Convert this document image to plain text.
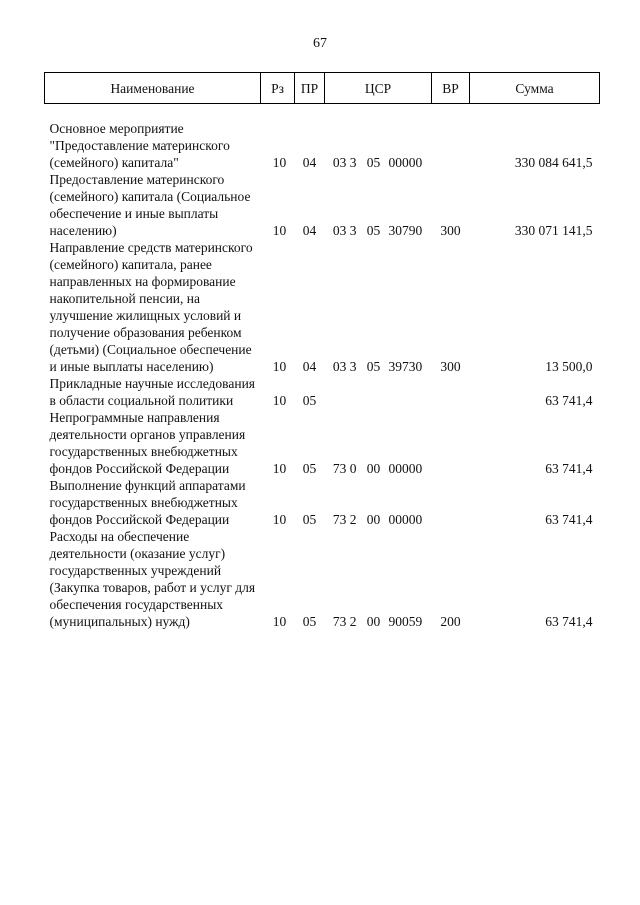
67
Наименование	Рз	ПР	ЦСР			ВР	Сумма
Основное мероприятие "Предоставление материнского (семейного) капитала"	10	04	03 3	05	00000		330 084 641,5
Предоставление материнского (семейного) капитала (Социальное обеспечение и иные выплаты населению)	10	04	03 3	05	30790	300	330 071 141,5
Направление средств материнского (семейного) капитала, ранее направленных на формирование накопительной пенсии, на улучшение жилищных условий и получение образования ребенком (детьми) (Социальное обеспечение и иные выплаты населению)	10	04	03 3	05	39730	300	13 500,0
Прикладные научные исследования в области социальной политики	10	05					63 741,4
Непрограммные направления деятельности органов управления государственных внебюджетных фондов Российской Федерации	10	05	73 0	00	00000		63 741,4
Выполнение функций аппаратами государственных внебюджетных фондов Российской Федерации	10	05	73 2	00	00000		63 741,4
Расходы на обеспечение деятельности (оказание услуг) государственных учреждений (Закупка товаров, работ и услуг для обеспечения государственных (муниципальных) нужд)	10	05	73 2	00	90059	200	63 741,4
